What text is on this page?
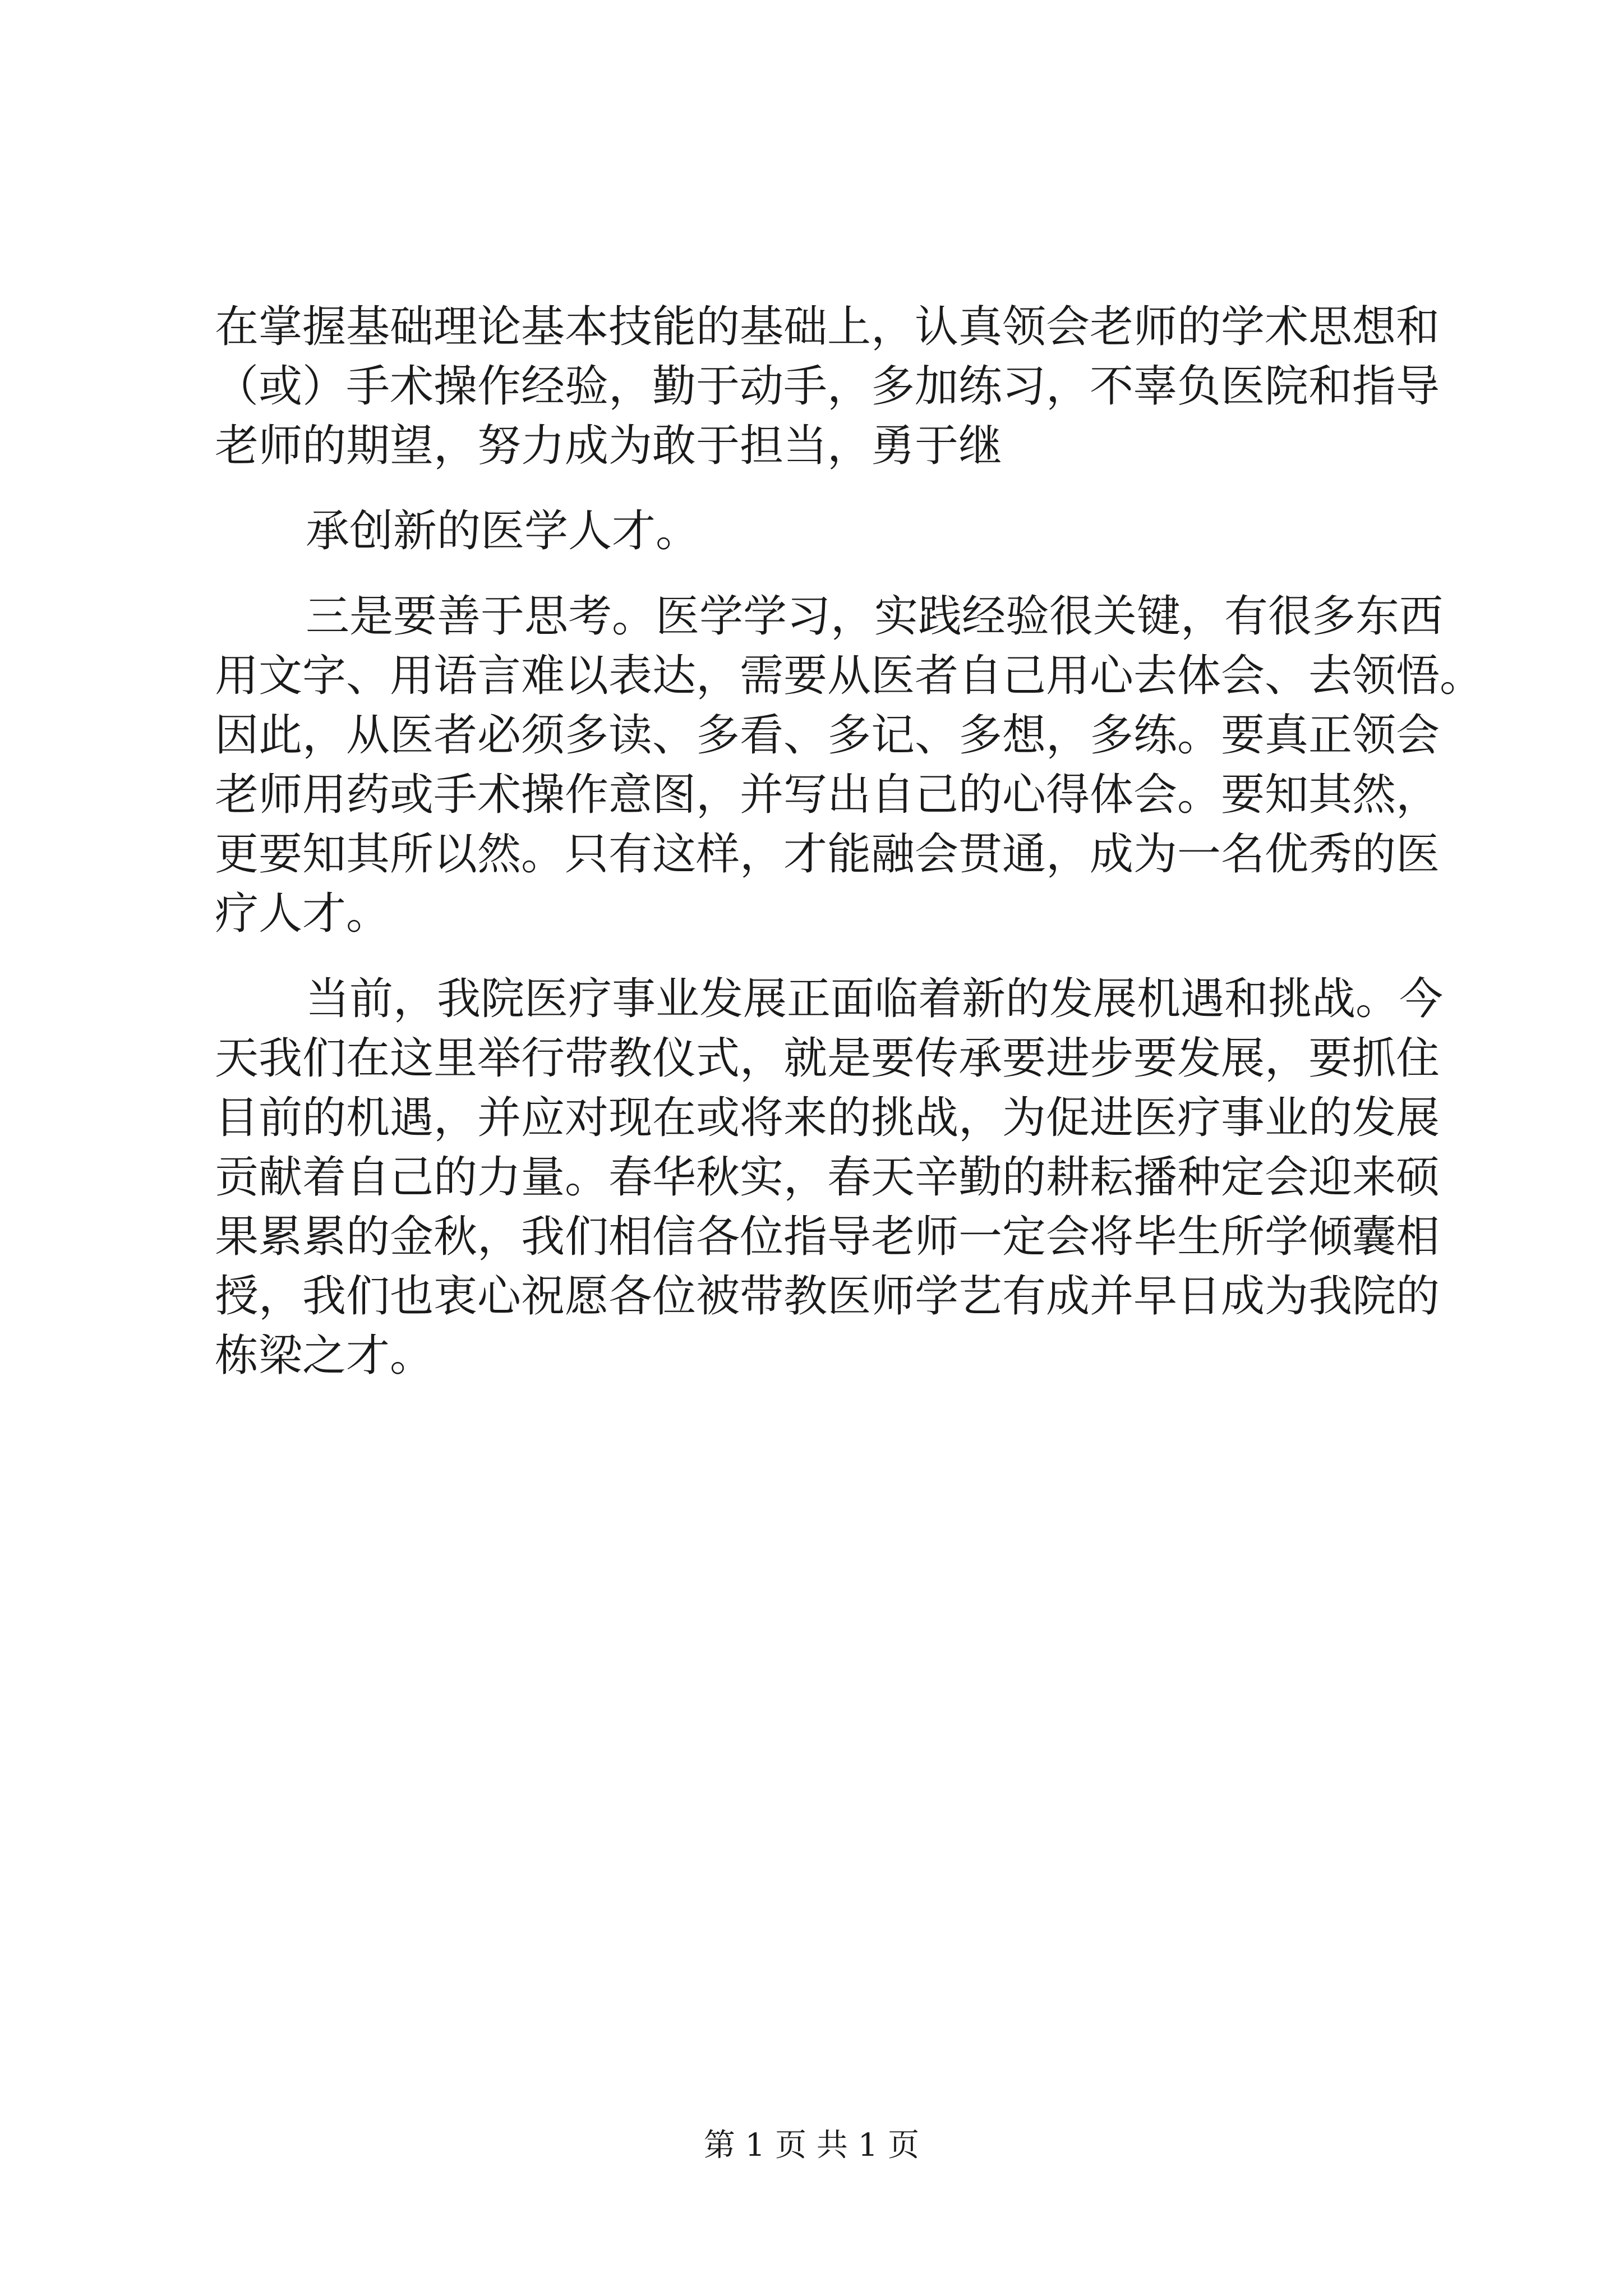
在掌握基础理论基本技能的基础上，认真领会老师的学术思想和
（或）手术操作经验，勤于动手，多加练习，不辜负医院和指导
老师的期望，努力成为敢于担当，勇于继
承创新的医学人才。
三是要善于思考。医学学习，实践经验很关键，有很多东西
用文字、用语言难以表达，需要从医者自己用心去体会、去领悟。
因此，从医者必须多读、多看、多记、多想，多练。要真正领会
老师用药或手术操作意图，并写出自己的心得体会。要知其然，
更要知其所以然。只有这样，才能融会贯通，成为一名优秀的医
疗人才。
当前，我院医疗事业发展正面临着新的发展机遇和挑战。今
天我们在这里举行带教仪式，就是要传承要进步要发展，要抓住
目前的机遇，并应对现在或将来的挑战，为促进医疗事业的发展
贡献着自己的力量。春华秋实，春天辛勤的耕耘播种定会迎来硕
果累累的金秋，我们相信各位指导老师一定会将毕生所学倾囊相
授，我们也衷心祝愿各位被带教医师学艺有成并早日成为我院的
栋梁之才。
第 1 页 共 1 页
